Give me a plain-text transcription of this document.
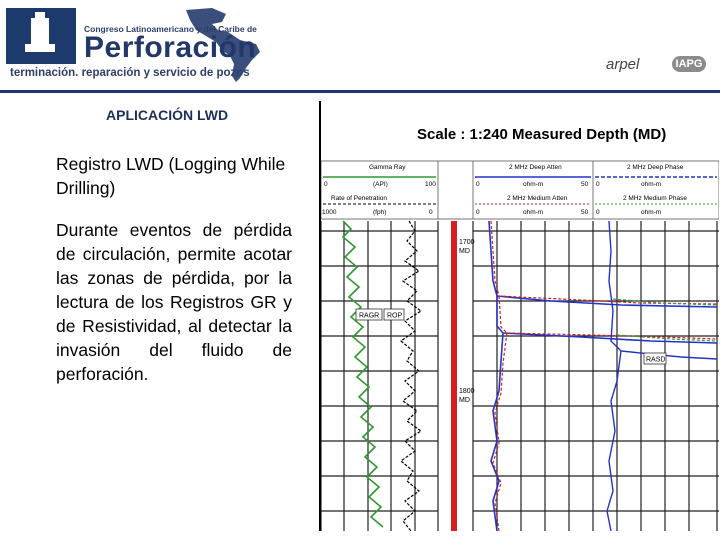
Congreso Latinoamericano y del Caribe de
Perforación
terminación. reparación y servicio de pozos	arpel	IAPG
APLICACIÓN LWD
Registro LWD (Logging While Drilling)
Durante eventos de pérdida de circulación, permite acotar las zonas de pérdida, por la lectura de los Registros GR y de Resistividad, al detectar la invasión del fluido de perforación.
Scale : 1:240 Measured Depth (MD)
Gamma Ray
0	(API)	100
Rate of Penetration
1000	(fph)	0
2 MHz Deep Atten
0	ohm-m	50
2 MHz Medium Atten
0	ohm-m	50
2 MHz Deep Phase
0	ohm-m
2 MHz Medium Phase
0	ohm-m
1700
MD
1800
MD
RAGR ROP
RASD
